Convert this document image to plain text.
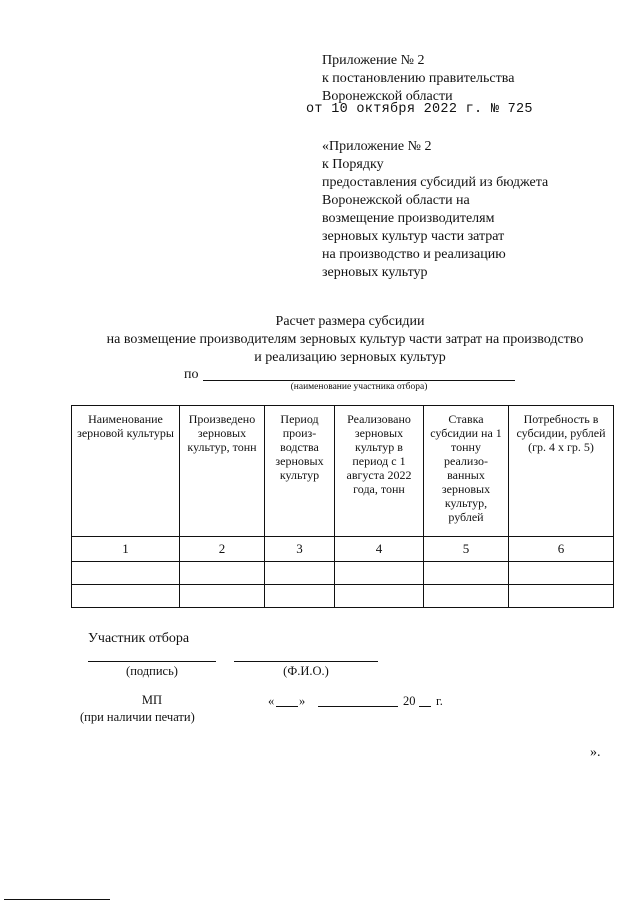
Приложение № 2
к постановлению правительства
Воронежской области
от 10 октября 2022 г. № 725
«Приложение № 2
к Порядку
предоставления субсидий из бюджета
Воронежской области на
возмещение производителям
зерновых культур части затрат
на производство и реализацию
зерновых культур
Расчет размера субсидии
на возмещение производителям зерновых культур части затрат на производство
и реализацию зерновых культур
по
(наименование участника отбора)
Наименование зерновой культуры	Произведено зерновых культур, тонн	Период произ- водства зерновых культур	Реализовано зерновых культур в период с 1 августа 2022 года, тонн	Ставка субсидии на 1 тонну реализо- ванных зерновых культур, рублей	Потребность в субсидии, рублей (гр. 4 х гр. 5)
1	2	3	4	5	6

Участник отбора
(подпись)	(Ф.И.О.)
МП
(при наличии печати)
« »	20 г.
».
